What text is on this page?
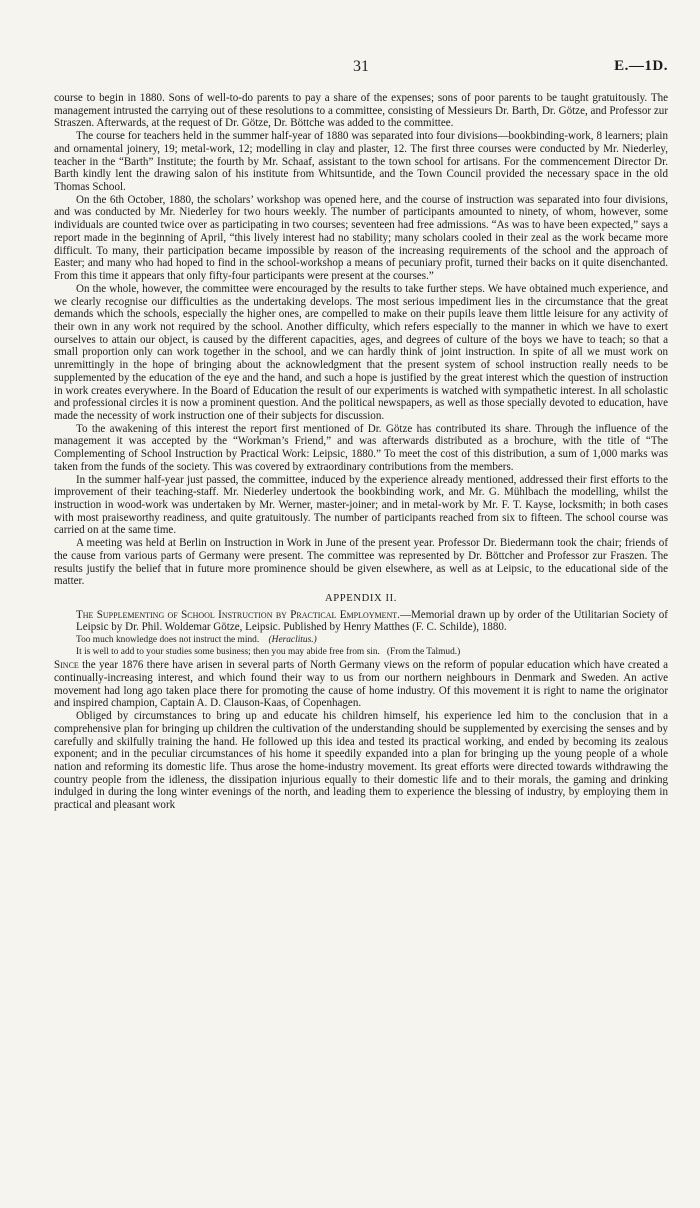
31	E.—1D.

course to begin in 1880. Sons of well-to-do parents to pay a share of the expenses; sons of poor parents to be taught gratuitously. The management intrusted the carrying out of these resolutions to a committee, consisting of Messieurs Dr. Barth, Dr. Götze, and Professor zur Straszen. Afterwards, at the request of Dr. Götze, Dr. Böttche was added to the committee.

The course for teachers held in the summer half-year of 1880 was separated into four divisions—bookbinding-work, 8 learners; plain and ornamental joinery, 19; metal-work, 12; modelling in clay and plaster, 12. The first three courses were conducted by Mr. Niederley, teacher in the “Barth” Institute; the fourth by Mr. Schaaf, assistant to the town school for artisans. For the commencement Director Dr. Barth kindly lent the drawing salon of his institute from Whitsuntide, and the Town Council provided the necessary space in the old Thomas School.

On the 6th October, 1880, the scholars’ workshop was opened here, and the course of instruction was separated into four divisions, and was conducted by Mr. Niederley for two hours weekly. The number of participants amounted to ninety, of whom, however, some individuals are counted twice over as participating in two courses; seventeen had free admissions. “As was to have been expected,” says a report made in the beginning of April, “this lively interest had no stability; many scholars cooled in their zeal as the work became more difficult. To many, their participation became impossible by reason of the increasing requirements of the school and the approach of Easter; and many who had hoped to find in the school-workshop a means of pecuniary profit, turned their backs on it quite disenchanted. From this time it appears that only fifty-four participants were present at the courses.”

On the whole, however, the committee were encouraged by the results to take further steps. We have obtained much experience, and we clearly recognise our difficulties as the undertaking develops. The most serious impediment lies in the circumstance that the great demands which the schools, especially the higher ones, are compelled to make on their pupils leave them little leisure for any activity of their own in any work not required by the school. Another difficulty, which refers especially to the manner in which we have to exert ourselves to attain our object, is caused by the different capacities, ages, and degrees of culture of the boys we have to teach; so that a small proportion only can work together in the school, and we can hardly think of joint instruction. In spite of all we must work on unremittingly in the hope of bringing about the acknowledgment that the present system of school instruction really needs to be supplemented by the education of the eye and the hand, and such a hope is justified by the great interest which the question of instruction in work creates everywhere. In the Board of Education the result of our experiments is watched with sympathetic interest. In all scholastic and professional circles it is now a prominent question. And the political newspapers, as well as those specially devoted to education, have made the necessity of work instruction one of their subjects for discussion.

To the awakening of this interest the report first mentioned of Dr. Götze has contributed its share. Through the influence of the management it was accepted by the “Workman’s Friend,” and was afterwards distributed as a brochure, with the title of “The Complementing of School Instruction by Practical Work: Leipsic, 1880.” To meet the cost of this distribution, a sum of 1,000 marks was taken from the funds of the society. This was covered by extraordinary contributions from the members.

In the summer half-year just passed, the committee, induced by the experience already mentioned, addressed their first efforts to the improvement of their teaching-staff. Mr. Niederley undertook the bookbinding work, and Mr. G. Mühlbach the modelling, whilst the instruction in wood-work was undertaken by Mr. Werner, master-joiner; and in metal-work by Mr. F. T. Kayse, locksmith; in both cases with most praiseworthy readiness, and quite gratuitously. The number of participants reached from six to fifteen. The school course was carried on at the same time.

A meeting was held at Berlin on Instruction in Work in June of the present year. Professor Dr. Biedermann took the chair; friends of the cause from various parts of Germany were present. The committee was represented by Dr. Böttcher and Professor zur Fraszen. The results justify the belief that in future more prominence should be given elsewhere, as well as at Leipsic, to the educational side of the matter.

APPENDIX II.

The Supplementing of School Instruction by Practical Employment.—Memorial drawn up by order of the Utilitarian Society of Leipsic by Dr. Phil. Woldemar Götze, Leipsic. Published by Henry Matthes (F. C. Schilde), 1880.

Too much knowledge does not instruct the mind. (Heraclitus.)
It is well to add to your studies some business; then you may abide free from sin. (From the Talmud.)

Since the year 1876 there have arisen in several parts of North Germany views on the reform of popular education which have created a continually-increasing interest, and which found their way to us from our northern neighbours in Denmark and Sweden. An active movement had long ago taken place there for promoting the cause of home industry. Of this movement it is right to name the originator and inspired champion, Captain A. D. Clauson-Kaas, of Copenhagen.

Obliged by circumstances to bring up and educate his children himself, his experience led him to the conclusion that in a comprehensive plan for bringing up children the cultivation of the understanding should be supplemented by exercising the senses and by carefully and skilfully training the hand. He followed up this idea and tested its practical working, and ended by becoming its zealous exponent; and in the peculiar circumstances of his home it speedily expanded into a plan for bringing up the young people of a whole nation and reforming its domestic life. Thus arose the home-industry movement. Its great efforts were directed towards withdrawing the country people from the idleness, the dissipation injurious equally to their domestic life and to their morals, the gaming and drinking indulged in during the long winter evenings of the north, and leading them to experience the blessing of industry, by employing them in practical and pleasant work
